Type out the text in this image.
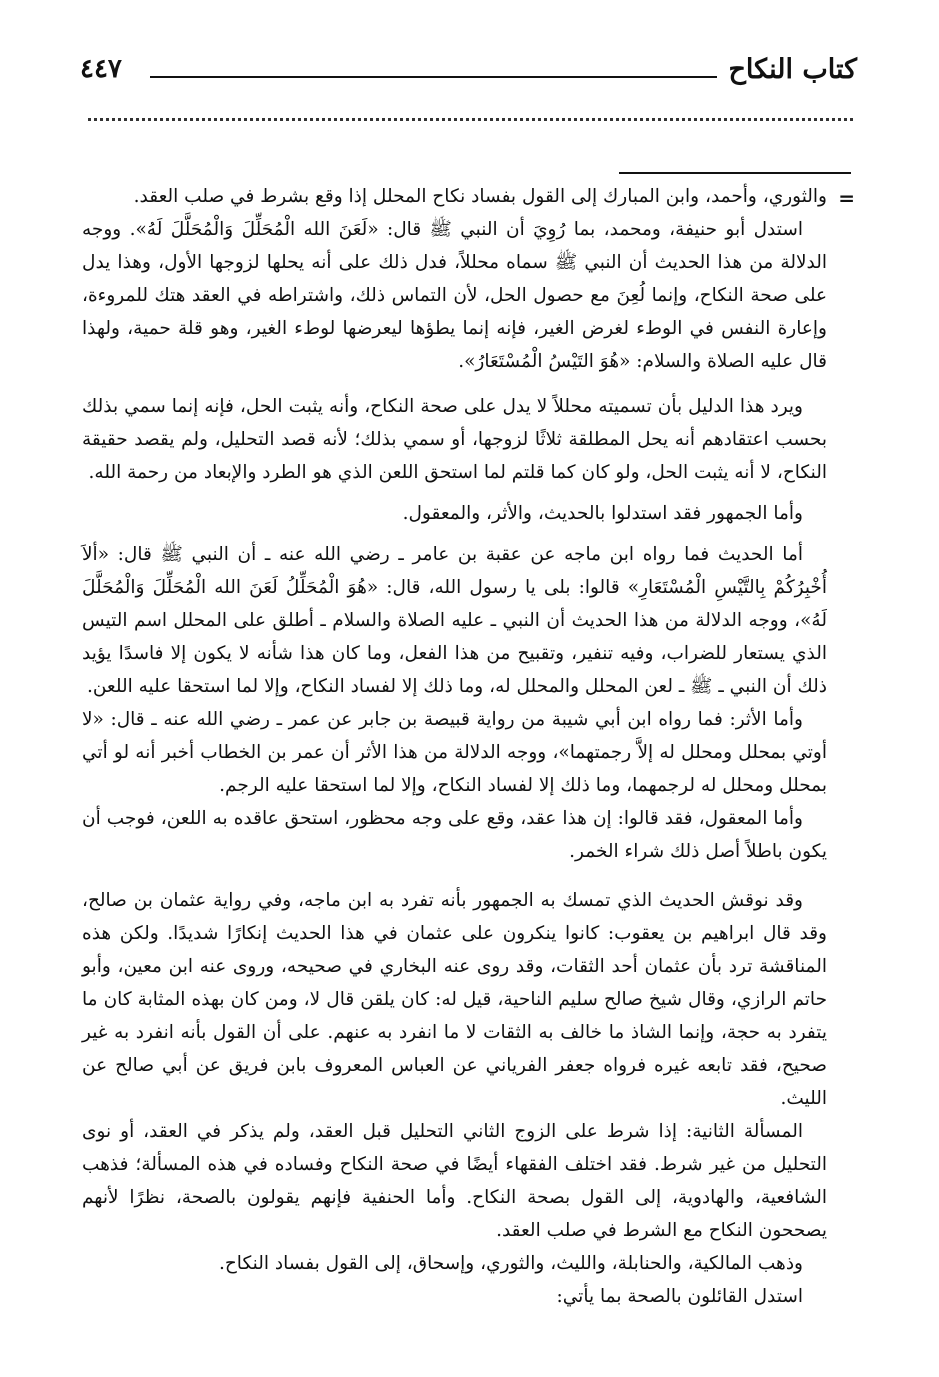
كتاب النكاح
٤٤٧
=

والثوري، وأحمد، وابن المبارك إلى القول بفساد نكاح المحلل إذا وقع بشرط في صلب العقد.

استدل أبو حنيفة، ومحمد، بما رُوِيَ أن النبي ﷺ قال: «لَعَنَ الله الْمُحَلِّلَ وَالْمُحَلَّلَ لَهُ». ووجه الدلالة من هذا الحديث أن النبي ﷺ سماه محللاً، فدل ذلك على أنه يحلها لزوجها الأول، وهذا يدل على صحة النكاح، وإنما لُعِنَ مع حصول الحل، لأن التماس ذلك، واشتراطه في العقد هتك للمروءة، وإعارة النفس في الوطء لغرض الغير، فإنه إنما يطؤها ليعرضها لوطء الغير، وهو قلة حمية، ولهذا قال عليه الصلاة والسلام: «هُوَ التَيْسُ الْمُسْتَعَارُ».

ويرد هذا الدليل بأن تسميته محللاً لا يدل على صحة النكاح، وأنه يثبت الحل، فإنه إنما سمي بذلك بحسب اعتقادهم أنه يحل المطلقة ثلاثًا لزوجها، أو سمي بذلك؛ لأنه قصد التحليل، ولم يقصد حقيقة النكاح، لا أنه يثبت الحل، ولو كان كما قلتم لما استحق اللعن الذي هو الطرد والإبعاد من رحمة الله.

وأما الجمهور فقد استدلوا بالحديث، والأثر، والمعقول.

أما الحديث فما رواه ابن ماجه عن عقبة بن عامر ـ رضي الله عنه ـ أن النبي ﷺ قال: «ألاَ أُخْبِرُكُمْ بِالتَّيْسِ الْمُسْتَعَارِ» قالوا: بلى يا رسول الله، قال: «هُوَ الْمُحَلِّلُ لَعَنَ الله الْمُحَلِّلَ وَالْمُحَلَّلَ لَهُ»، ووجه الدلالة من هذا الحديث أن النبي ـ عليه الصلاة والسلام ـ أطلق على المحلل اسم التيس الذي يستعار للضراب، وفيه تنفير، وتقبيح من هذا الفعل، وما كان هذا شأنه لا يكون إلا فاسدًا يؤيد ذلك أن النبي ـ ﷺ ـ لعن المحلل والمحلل له، وما ذلك إلا لفساد النكاح، وإلا لما استحقا عليه اللعن.

وأما الأثر: فما رواه ابن أبي شيبة من رواية قبيصة بن جابر عن عمر ـ رضي الله عنه ـ قال: «لا أوتي بمحلل ومحلل له إلاَّ رجمتهما»، ووجه الدلالة من هذا الأثر أن عمر بن الخطاب أخبر أنه لو أتي بمحلل ومحلل له لرجمهما، وما ذلك إلا لفساد النكاح، وإلا لما استحقا عليه الرجم.

وأما المعقول، فقد قالوا: إن هذا عقد، وقع على وجه محظور، استحق عاقده به اللعن، فوجب أن يكون باطلاً أصل ذلك شراء الخمر.

وقد نوقش الحديث الذي تمسك به الجمهور بأنه تفرد به ابن ماجه، وفي رواية عثمان بن صالح، وقد قال ابراهيم بن يعقوب: كانوا ينكرون على عثمان في هذا الحديث إنكارًا شديدًا. ولكن هذه المناقشة ترد بأن عثمان أحد الثقات، وقد روى عنه البخاري في صحيحه، وروى عنه ابن معين، وأبو حاتم الرازي، وقال شيخ صالح سليم الناحية، قيل له: كان يلقن قال لا، ومن كان بهذه المثابة كان ما يتفرد به حجة، وإنما الشاذ ما خالف به الثقات لا ما انفرد به عنهم. على أن القول بأنه انفرد به غير صحيح، فقد تابعه غيره فرواه جعفر الفرياني عن العباس المعروف بابن فريق عن أبي صالح عن الليث.

المسألة الثانية: إذا شرط على الزوج الثاني التحليل قبل العقد، ولم يذكر في العقد، أو نوى التحليل من غير شرط. فقد اختلف الفقهاء أيضًا في صحة النكاح وفساده في هذه المسألة؛ فذهب الشافعية، والهادوية، إلى القول بصحة النكاح. وأما الحنفية فإنهم يقولون بالصحة، نظرًا لأنهم يصححون النكاح مع الشرط في صلب العقد.

وذهب المالكية، والحنابلة، والليث، والثوري، وإسحاق، إلى القول بفساد النكاح.

استدل القائلون بالصحة بما يأتي:
